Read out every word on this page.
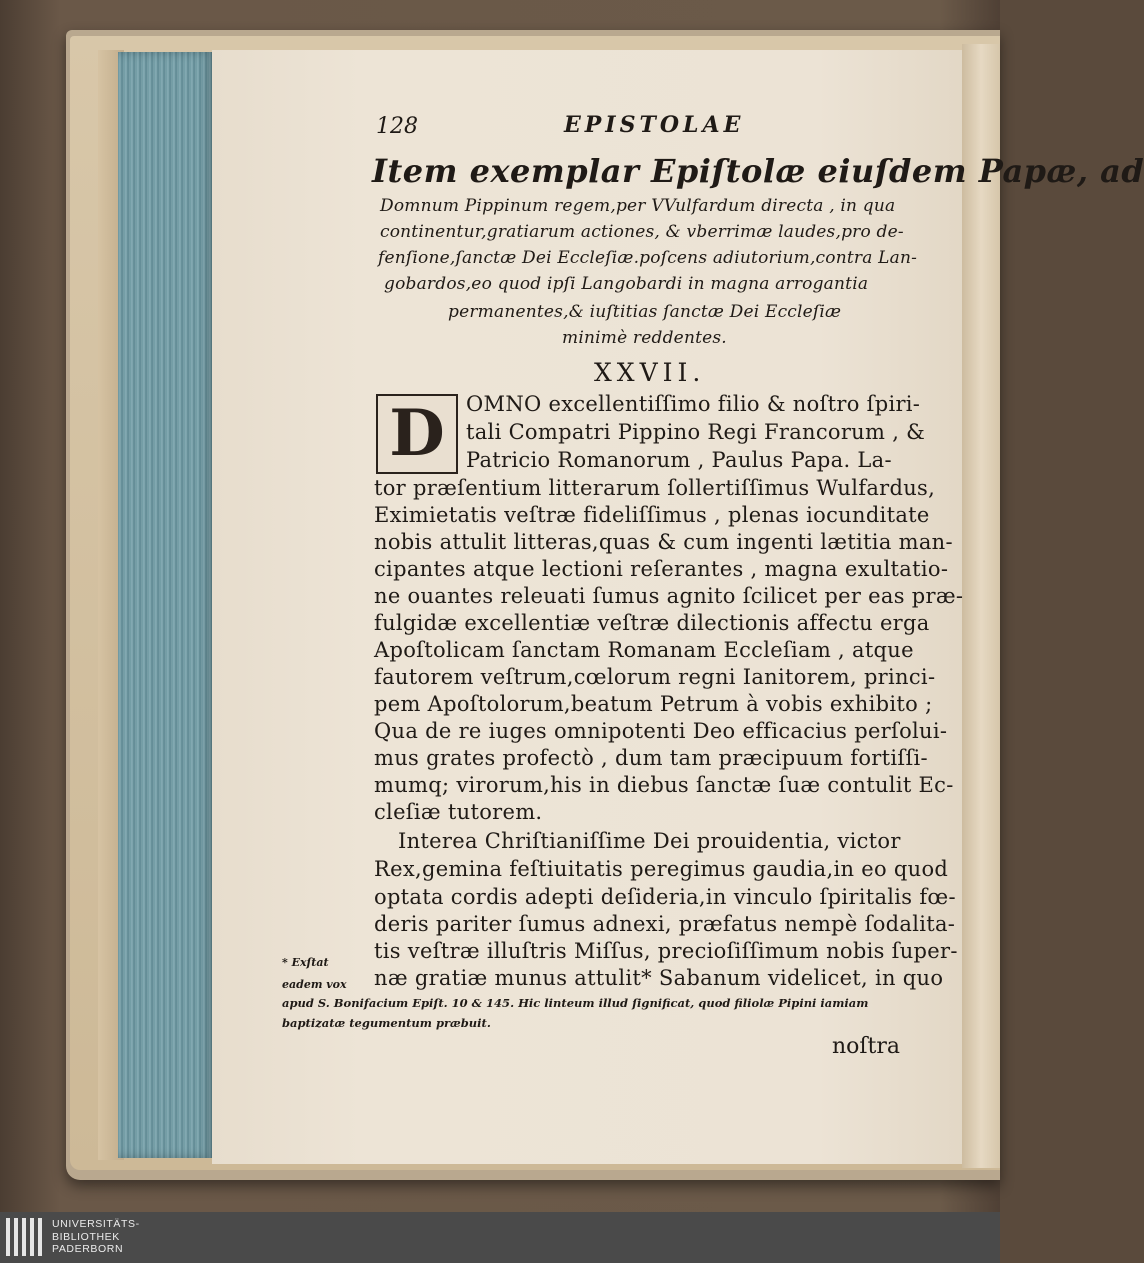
128	EPISTOLAE
Item exemplar Epiſtolæ eiuſdem Papæ, ad
Domnum Pippinum regem,per VVulfardum directa , in qua
continentur,gratiarum actiones, & vberrimæ laudes,pro de-
fenſione,ſanctæ Dei Eccleſiæ.poſcens adiutorium,contra Lan-
gobardos,eo quod ipſi Langobardi in magna arrogantia
permanentes,& iuſtitias ſanctæ Dei Eccleſiæ
minimè reddentes.
XXVII.
D OMNO excellentiſſimo filio & noſtro ſpiri-
tali Compatri Pippino Regi Francorum , &
Patricio Romanorum , Paulus Papa. La-
tor præſentium litterarum ſollertiſſimus Wulfardus,
Eximietatis veſtræ fideliſſimus , plenas iocunditate
nobis attulit litteras,quas & cum ingenti lætitia man-
cipantes atque lectioni reſerantes , magna exultatio-
ne ouantes releuati ſumus agnito ſcilicet per eas præ-
fulgidæ excellentiæ veſtræ dilectionis affectu erga
Apoſtolicam ſanctam Romanam Eccleſiam , atque
fautorem veſtrum,cœlorum regni Ianitorem, princi-
pem Apoſtolorum,beatum Petrum à vobis exhibito ;
Qua de re iuges omnipotenti Deo efficacius perſolui-
mus grates profectò , dum tam præcipuum fortiſſi-
mumq; virorum,his in diebus ſanctæ ſuæ contulit Ec-
cleſiæ tutorem.
Interea Chriſtianiſſime Dei prouidentia, victor
Rex,gemina feſtiuitatis peregimus gaudia,in eo quod
optata cordis adepti deſideria,in vinculo ſpiritalis fœ-
deris pariter ſumus adnexi, præfatus nempè ſodalita-
tis veſtræ illuſtris Miſſus, precioſiſſimum nobis ſuper-
næ gratiæ munus attulit* Sabanum videlicet, in quo
* Exſtat
eadem vox
apud S. Bonifacium Epiſt. 10 & 145. Hic linteum illud ſignificat, quod filiolæ Pipini iamiam
baptizatæ tegumentum præbuit.
noſtra
UNIVERSITÄTS-
BIBLIOTHEK
PADERBORN
